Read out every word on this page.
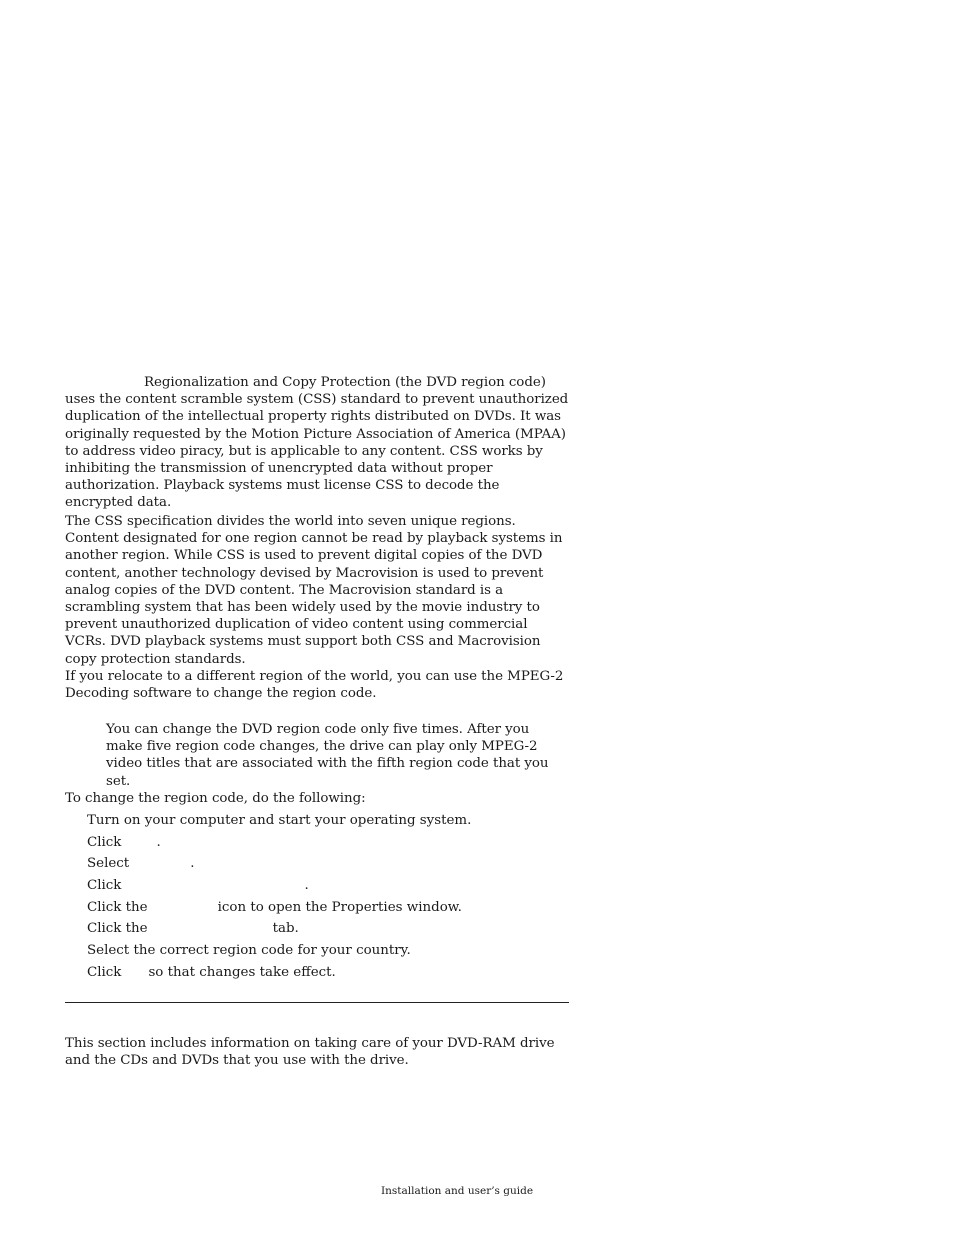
Regionalization and Copy Protection (the DVD region code) uses the content scramble system (CSS) standard to prevent unauthorized duplication of the intellectual property rights distributed on DVDs. It was originally requested by the Motion Picture Association of America (MPAA) to address video piracy, but is applicable to any content. CSS works by inhibiting the transmission of unencrypted data without proper authorization. Playback systems must license CSS to decode the encrypted data.

The CSS specification divides the world into seven unique regions. Content designated for one region cannot be read by playback systems in another region. While CSS is used to prevent digital copies of the DVD content, another technology devised by Macrovision is used to prevent analog copies of the DVD content. The Macrovision standard is a scrambling system that has been widely used by the movie industry to prevent unauthorized duplication of video content using commercial VCRs. DVD playback systems must support both CSS and Macrovision copy protection standards.

If you relocate to a different region of the world, you can use the MPEG-2 Decoding software to change the region code.

You can change the DVD region code only five times. After you make five region code changes, the drive can play only MPEG-2 video titles that are associated with the fifth region code that you set.

To change the region code, do the following:

Turn on your computer and start your operating system.
Click	.
Select	.
Click	.
Click the	icon to open the Properties window.
Click the	tab.
Select the correct region code for your country.
Click so that changes take effect.

This section includes information on taking care of your DVD-RAM drive and the CDs and DVDs that you use with the drive.

Installation and user’s guide
